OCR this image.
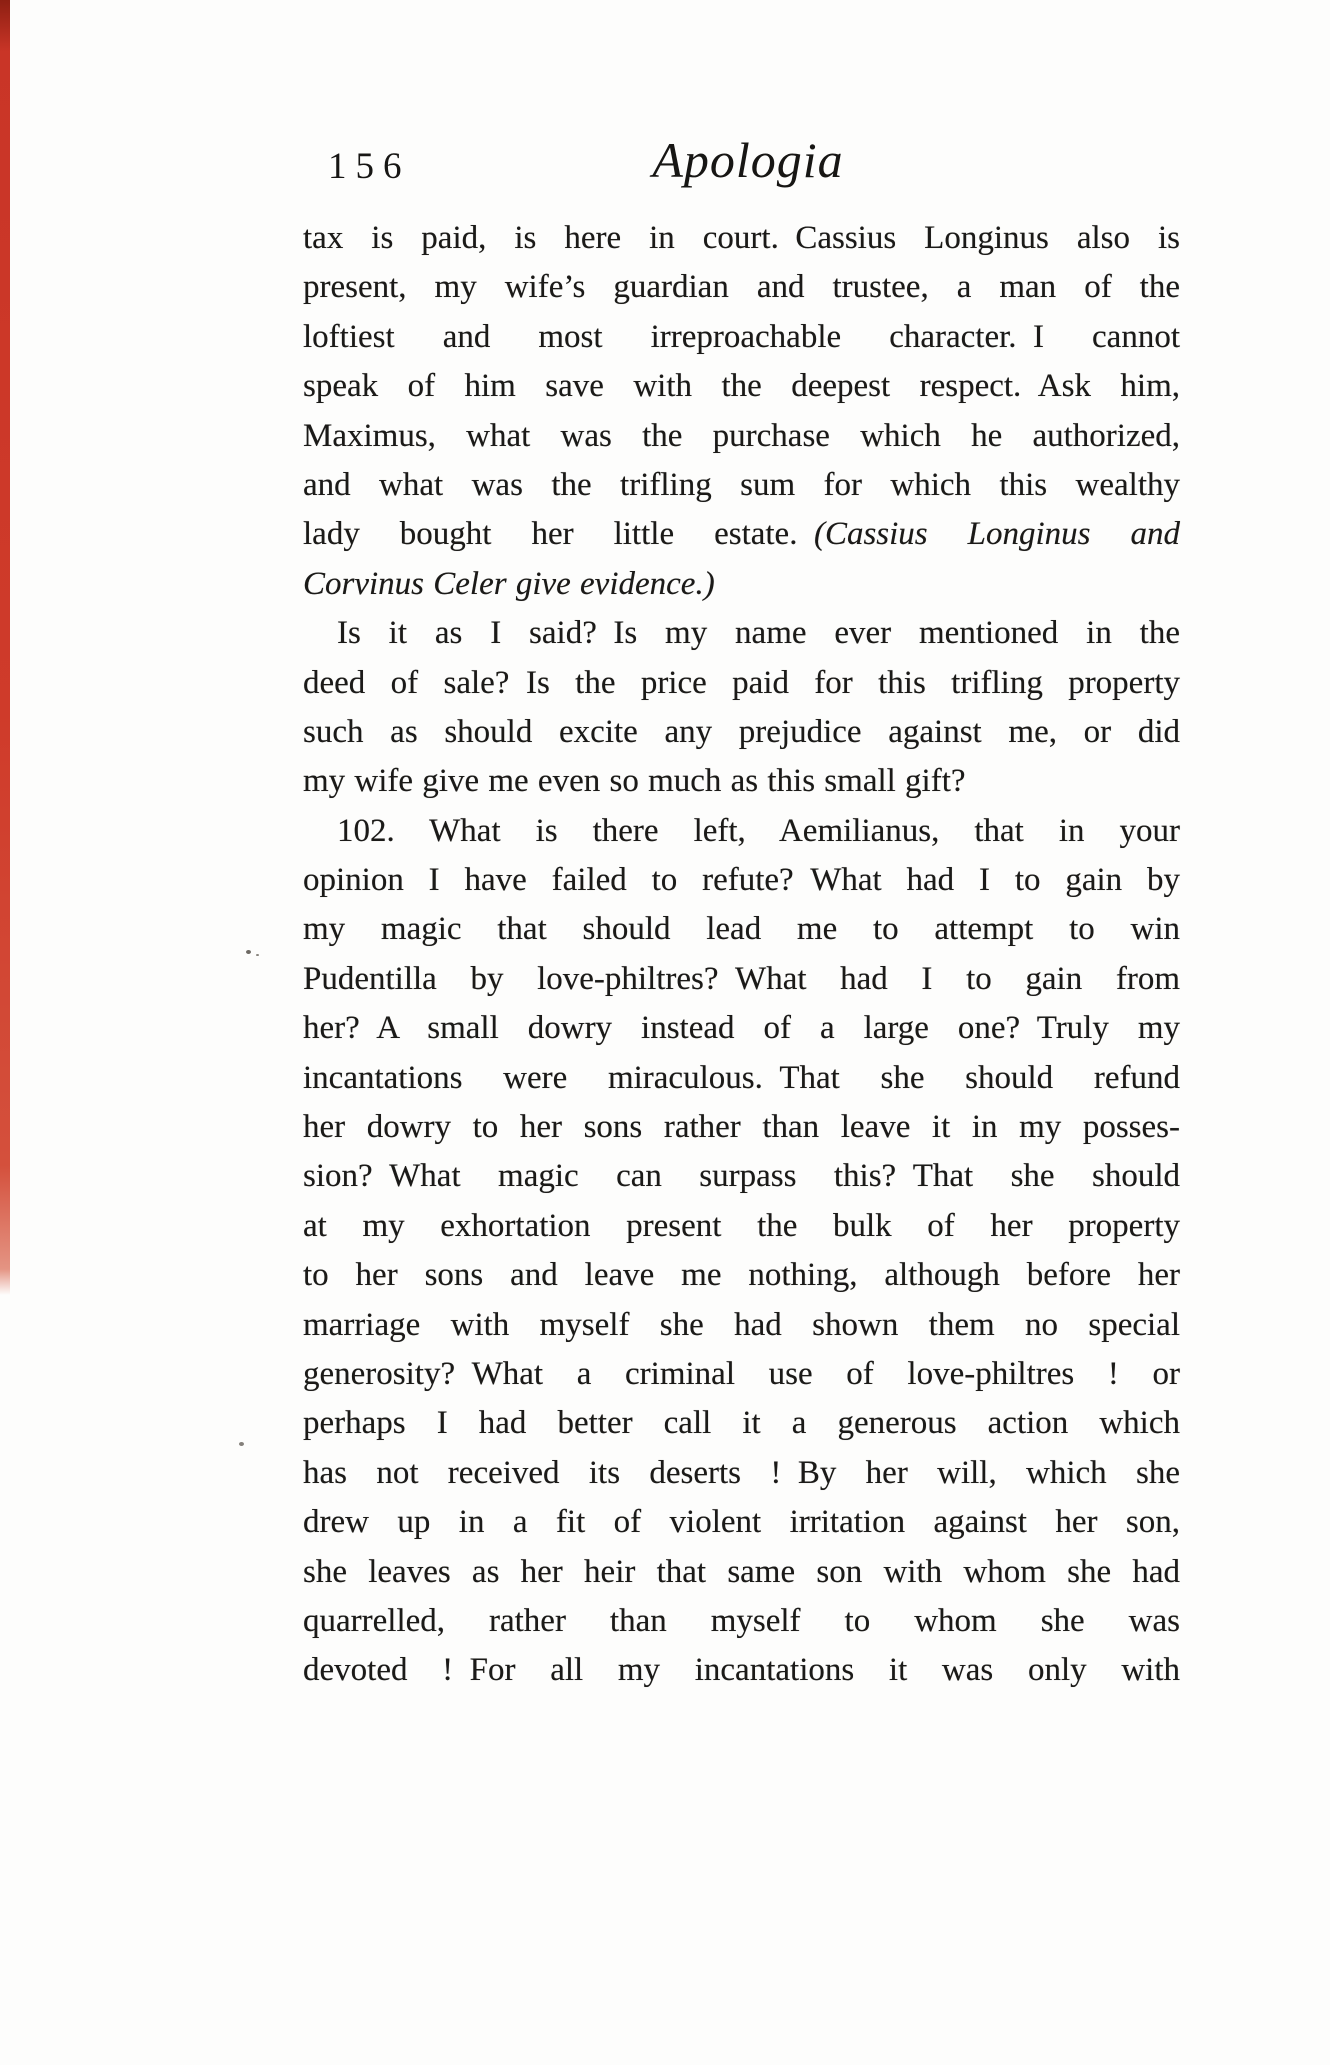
156	Apologia
tax is paid, is here in court. Cassius Longinus also is
present, my wife’s guardian and trustee, a man of the
loftiest and most irreproachable character. I cannot
speak of him save with the deepest respect. Ask him,
Maximus, what was the purchase which he authorized,
and what was the trifling sum for which this wealthy
lady bought her little estate. (Cassius Longinus and
Corvinus Celer give evidence.)
Is it as I said? Is my name ever mentioned in the
deed of sale? Is the price paid for this trifling property
such as should excite any prejudice against me, or did
my wife give me even so much as this small gift?
102. What is there left, Aemilianus, that in your
opinion I have failed to refute? What had I to gain by
my magic that should lead me to attempt to win
Pudentilla by love-philtres? What had I to gain from
her? A small dowry instead of a large one? Truly my
incantations were miraculous. That she should refund
her dowry to her sons rather than leave it in my posses-
sion? What magic can surpass this? That she should
at my exhortation present the bulk of her property
to her sons and leave me nothing, although before her
marriage with myself she had shown them no special
generosity? What a criminal use of love-philtres ! or
perhaps I had better call it a generous action which
has not received its deserts ! By her will, which she
drew up in a fit of violent irritation against her son,
she leaves as her heir that same son with whom she had
quarrelled, rather than myself to whom she was
devoted ! For all my incantations it was only with
